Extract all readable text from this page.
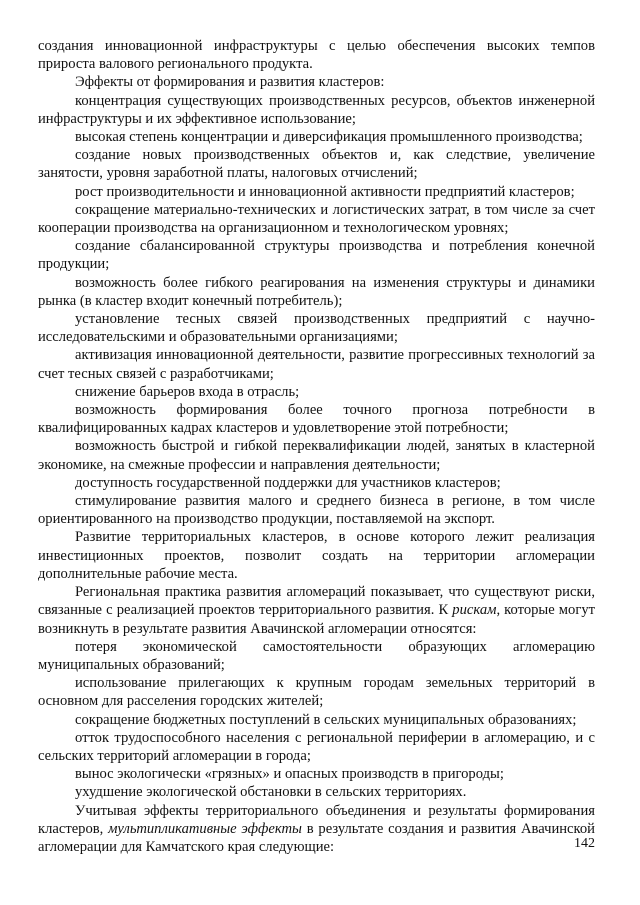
создания инновационной инфраструктуры с целью обеспечения высоких темпов прироста валового регионального продукта.

Эффекты от формирования и развития кластеров:

концентрация существующих производственных ресурсов, объектов инженерной инфраструктуры и их эффективное использование;

высокая степень концентрации и диверсификация промышленного производства;

создание новых производственных объектов и, как следствие, увеличение занятости, уровня заработной платы, налоговых отчислений;

рост производительности и инновационной активности предприятий кластеров;

сокращение материально-технических и логистических затрат, в том числе за счет кооперации производства на организационном и технологическом уровнях;

создание сбалансированной структуры производства и потребления конечной продукции;

возможность более гибкого реагирования на изменения структуры и динамики рынка (в кластер входит конечный потребитель);

установление тесных связей производственных предприятий с научно-исследовательскими и образовательными организациями;

активизация инновационной деятельности, развитие прогрессивных технологий за счет тесных связей с разработчиками;

снижение барьеров входа в отрасль;

возможность формирования более точного прогноза потребности в квалифицированных кадрах кластеров и удовлетворение этой потребности;

возможность быстрой и гибкой переквалификации людей, занятых в кластерной экономике, на смежные профессии и направления деятельности;

доступность государственной поддержки для участников кластеров;

стимулирование развития малого и среднего бизнеса в регионе, в том числе ориентированного на производство продукции, поставляемой на экспорт.

Развитие территориальных кластеров, в основе которого лежит реализация инвестиционных проектов, позволит создать на территории агломерации дополнительные рабочие места.

Региональная практика развития агломераций показывает, что существуют риски, связанные с реализацией проектов территориального развития. К рискам, которые могут возникнуть в результате развития Авачинской агломерации относятся:

потеря экономической самостоятельности образующих агломерацию муниципальных образований;

использование прилегающих к крупным городам земельных территорий в основном для расселения городских жителей;

сокращение бюджетных поступлений в сельских муниципальных образованиях;

отток трудоспособного населения с региональной периферии в агломерацию, и с сельских территорий агломерации в города;

вынос экологически «грязных» и опасных производств в пригороды;

ухудшение экологической обстановки в сельских территориях.

Учитывая эффекты территориального объединения и результаты формирования кластеров, мультипликативные эффекты в результате создания и развития Авачинской агломерации для Камчатского края следующие:	142
